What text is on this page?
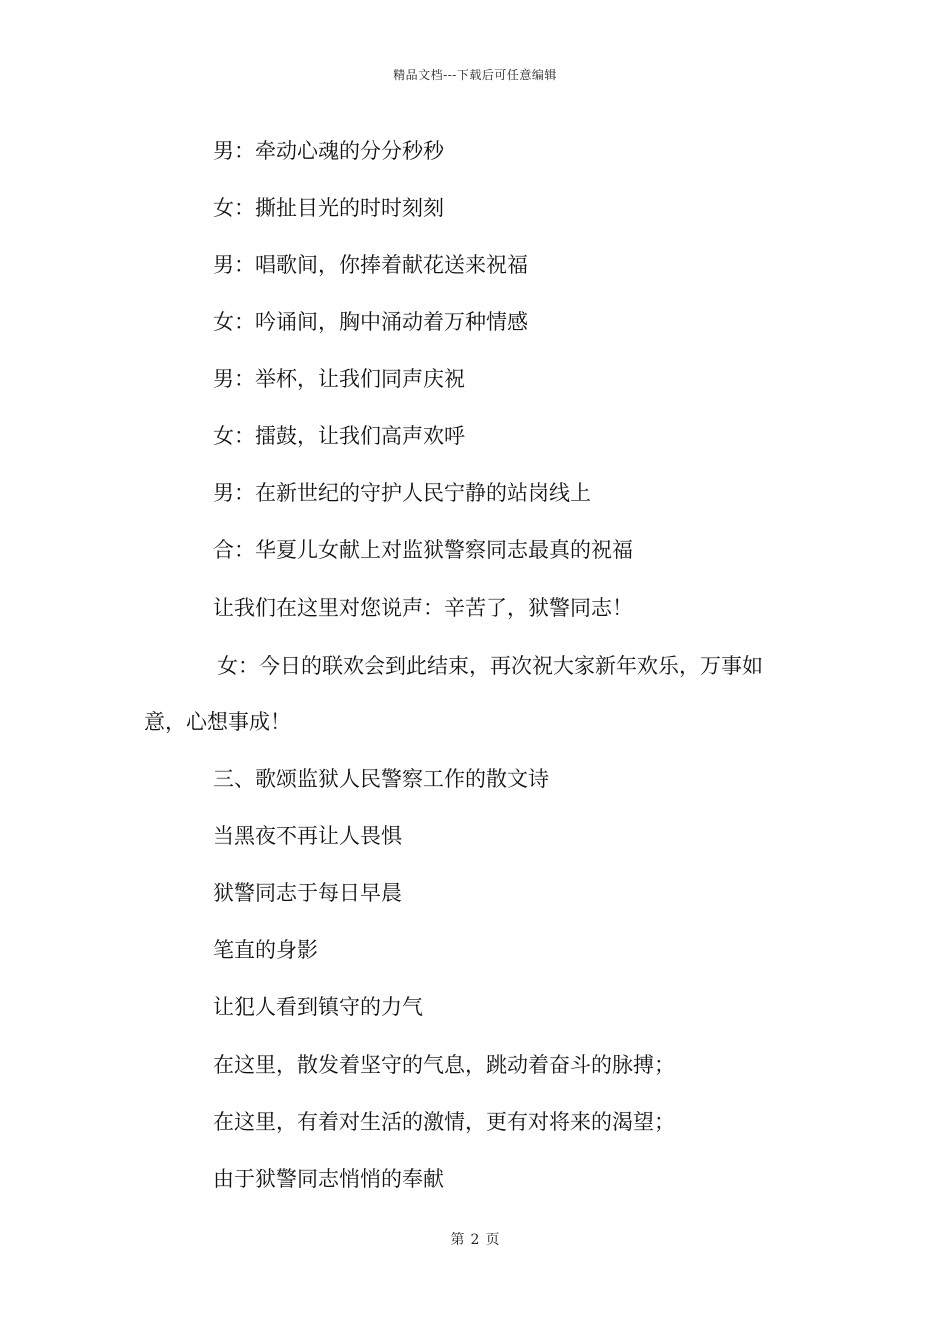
精品文档---下载后可任意编辑
男：牵动心魂的分分秒秒
女：撕扯目光的时时刻刻
男：唱歌间，你捧着献花送来祝福
女：吟诵间，胸中涌动着万种情感
男：举杯，让我们同声庆祝
女：擂鼓，让我们高声欢呼
男：在新世纪的守护人民宁静的站岗线上
合：华夏儿女献上对监狱警察同志最真的祝福
让我们在这里对您说声：辛苦了，狱警同志！
女：今日的联欢会到此结束，再次祝大家新年欢乐，万事如
意，心想事成！
三、歌颂监狱人民警察工作的散文诗
当黑夜不再让人畏惧
狱警同志于每日早晨
笔直的身影
让犯人看到镇守的力气
在这里，散发着坚守的气息，跳动着奋斗的脉搏；
在这里，有着对生活的激情，更有对将来的渴望；
由于狱警同志悄悄的奉献
第 2 页
